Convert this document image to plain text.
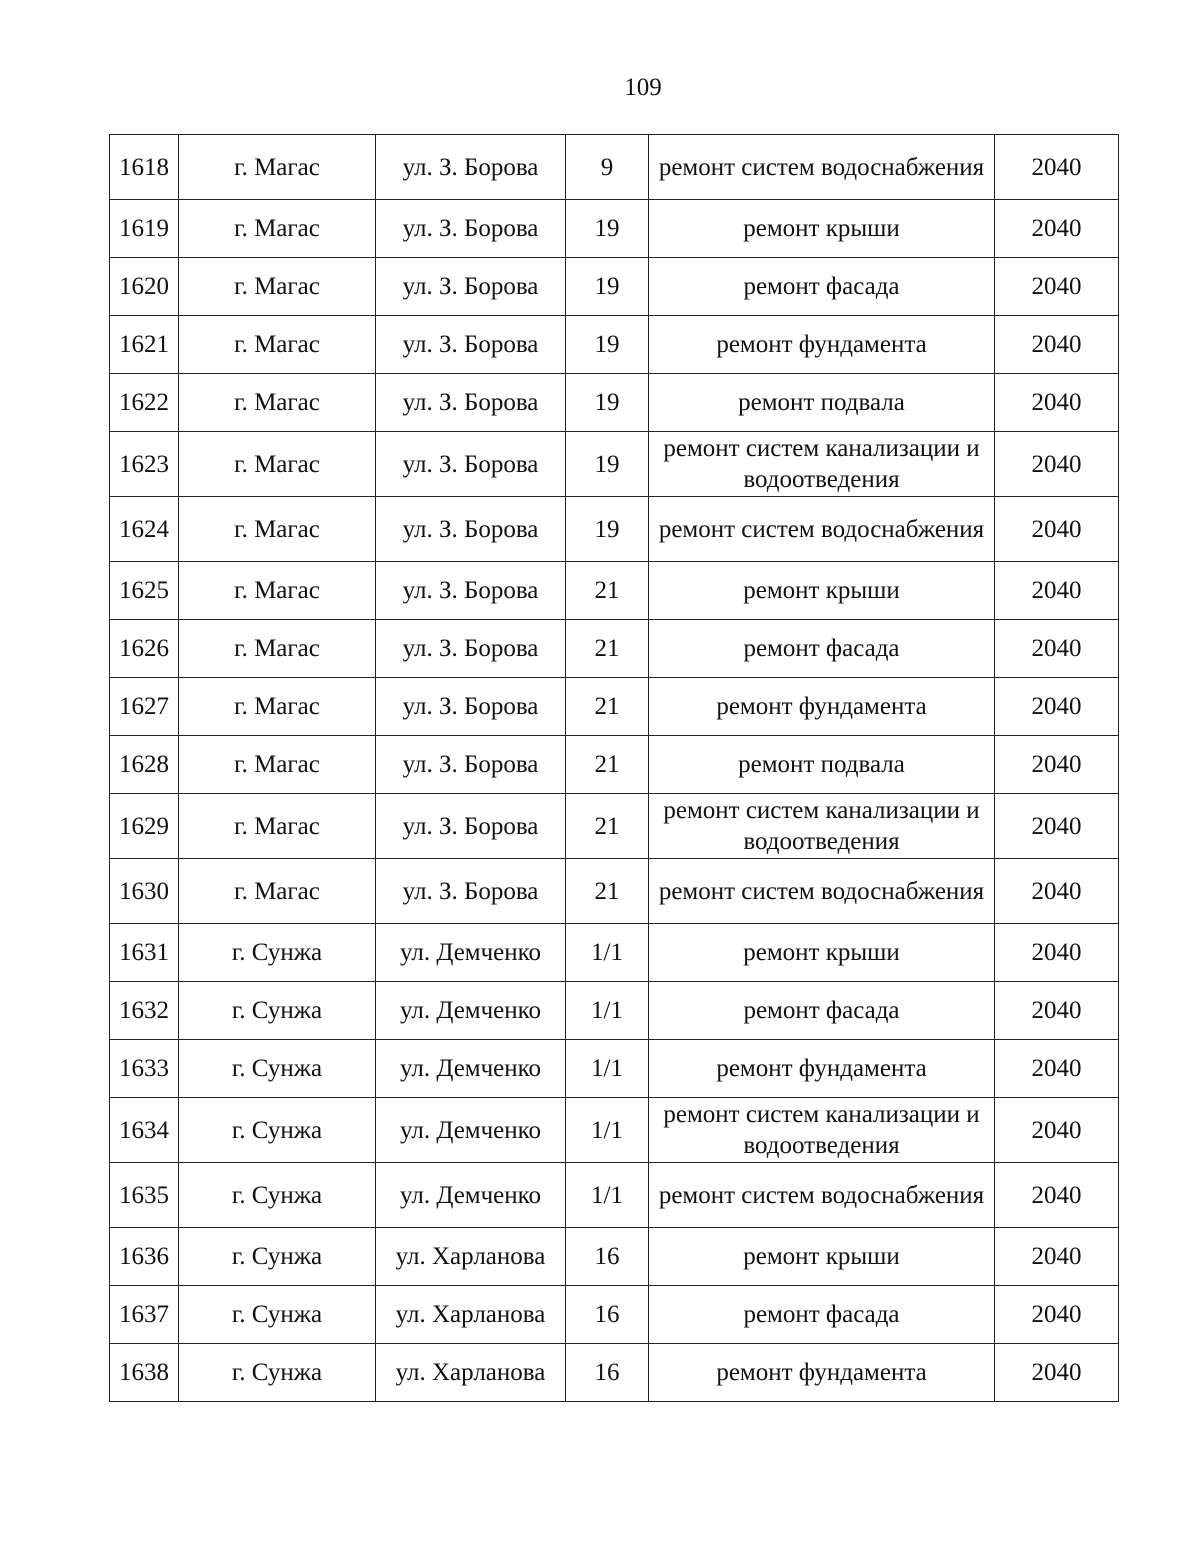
109
1618	г. Магас	ул. З. Борова	9	ремонт систем водоснабжения	2040
1619	г. Магас	ул. З. Борова	19	ремонт крыши	2040
1620	г. Магас	ул. З. Борова	19	ремонт фасада	2040
1621	г. Магас	ул. З. Борова	19	ремонт фундамента	2040
1622	г. Магас	ул. З. Борова	19	ремонт подвала	2040
1623	г. Магас	ул. З. Борова	19	ремонт систем канализации и водоотведения	2040
1624	г. Магас	ул. З. Борова	19	ремонт систем водоснабжения	2040
1625	г. Магас	ул. З. Борова	21	ремонт крыши	2040
1626	г. Магас	ул. З. Борова	21	ремонт фасада	2040
1627	г. Магас	ул. З. Борова	21	ремонт фундамента	2040
1628	г. Магас	ул. З. Борова	21	ремонт подвала	2040
1629	г. Магас	ул. З. Борова	21	ремонт систем канализации и водоотведения	2040
1630	г. Магас	ул. З. Борова	21	ремонт систем водоснабжения	2040
1631	г. Сунжа	ул. Демченко	1/1	ремонт крыши	2040
1632	г. Сунжа	ул. Демченко	1/1	ремонт фасада	2040
1633	г. Сунжа	ул. Демченко	1/1	ремонт фундамента	2040
1634	г. Сунжа	ул. Демченко	1/1	ремонт систем канализации и водоотведения	2040
1635	г. Сунжа	ул. Демченко	1/1	ремонт систем водоснабжения	2040
1636	г. Сунжа	ул. Харланова	16	ремонт крыши	2040
1637	г. Сунжа	ул. Харланова	16	ремонт фасада	2040
1638	г. Сунжа	ул. Харланова	16	ремонт фундамента	2040
